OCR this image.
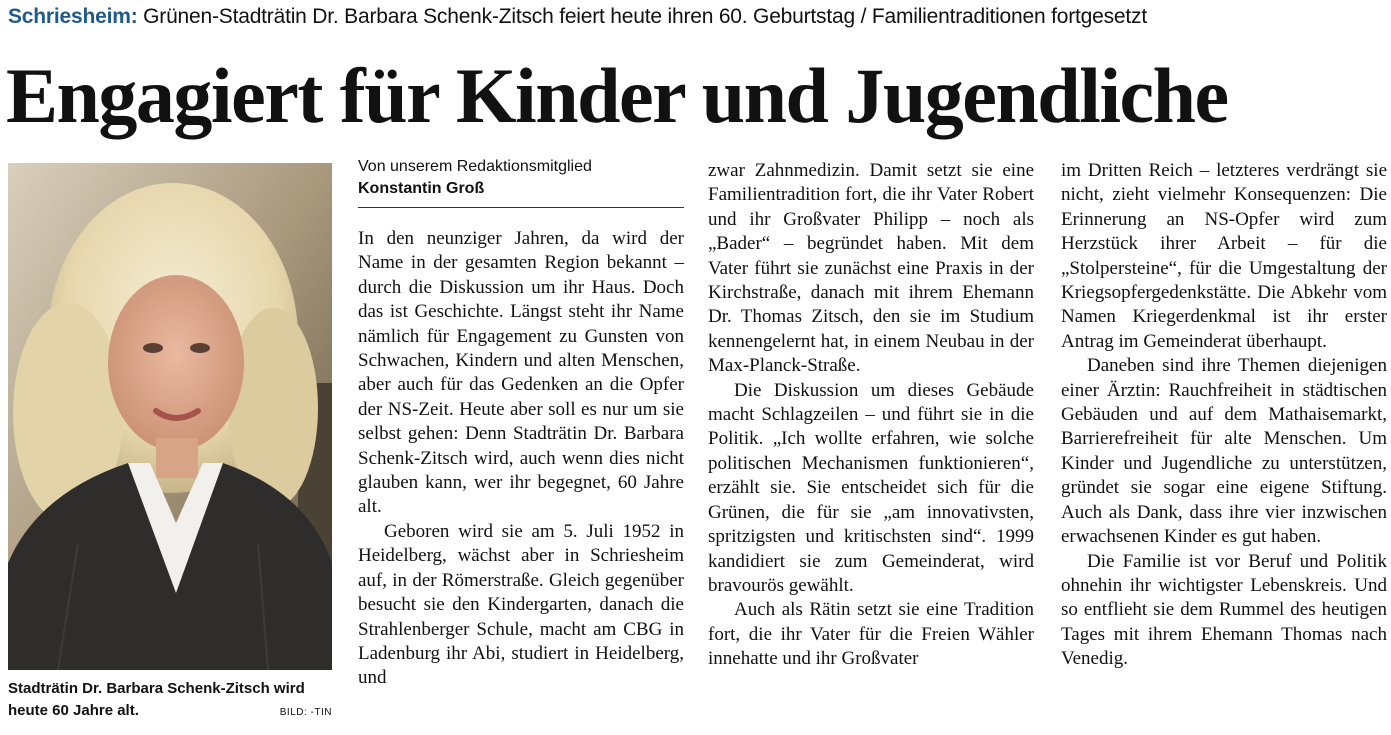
Schriesheim: Grünen-Stadträtin Dr. Barbara Schenk-Zitsch feiert heute ihren 60. Geburtstag / Familientraditionen fortgesetzt
Engagiert für Kinder und Jugendliche
Stadträtin Dr. Barbara Schenk-Zitsch wird heute 60 Jahre alt.	BILD: -TIN
Von unserem Redaktionsmitglied
Konstantin Groß

In den neunziger Jahren, da wird der Name in der gesamten Region bekannt – durch die Diskussion um ihr Haus. Doch das ist Geschichte. Längst steht ihr Name nämlich für Engagement zu Gunsten von Schwachen, Kindern und alten Menschen, aber auch für das Gedenken an die Opfer der NS-Zeit. Heute aber soll es nur um sie selbst gehen: Denn Stadträtin Dr. Barbara Schenk-Zitsch wird, auch wenn dies nicht glauben kann, wer ihr begegnet, 60 Jahre alt.

Geboren wird sie am 5. Juli 1952 in Heidelberg, wächst aber in Schriesheim auf, in der Römerstraße. Gleich gegenüber besucht sie den Kindergarten, danach die Strahlenberger Schule, macht am CBG in Ladenburg ihr Abi, studiert in Heidelberg, und

zwar Zahnmedizin. Damit setzt sie eine Familientradition fort, die ihr Vater Robert und ihr Großvater Philipp – noch als „Bader“ – begründet haben. Mit dem Vater führt sie zunächst eine Praxis in der Kirchstraße, danach mit ihrem Ehemann Dr. Thomas Zitsch, den sie im Studium kennengelernt hat, in einem Neubau in der Max-Planck-Straße.

Die Diskussion um dieses Gebäude macht Schlagzeilen – und führt sie in die Politik. „Ich wollte erfahren, wie solche politischen Mechanismen funktionieren“, erzählt sie. Sie entscheidet sich für die Grünen, die für sie „am innovativsten, spritzigsten und kritischsten sind“. 1999 kandidiert sie zum Gemeinderat, wird bravourös gewählt.

Auch als Rätin setzt sie eine Tradition fort, die ihr Vater für die Freien Wähler innehatte und ihr Großvater

im Dritten Reich – letzteres verdrängt sie nicht, zieht vielmehr Konsequenzen: Die Erinnerung an NS-Opfer wird zum Herzstück ihrer Arbeit – für die „Stolpersteine“, für die Umgestaltung der Kriegsopfergedenkstätte. Die Abkehr vom Namen Kriegerdenkmal ist ihr erster Antrag im Gemeinderat überhaupt.

Daneben sind ihre Themen diejenigen einer Ärztin: Rauchfreiheit in städtischen Gebäuden und auf dem Mathaisemarkt, Barrierefreiheit für alte Menschen. Um Kinder und Jugendliche zu unterstützen, gründet sie sogar eine eigene Stiftung. Auch als Dank, dass ihre vier inzwischen erwachsenen Kinder es gut haben.

Die Familie ist vor Beruf und Politik ohnehin ihr wichtigster Lebenskreis. Und so entflieht sie dem Rummel des heutigen Tages mit ihrem Ehemann Thomas nach Venedig.
